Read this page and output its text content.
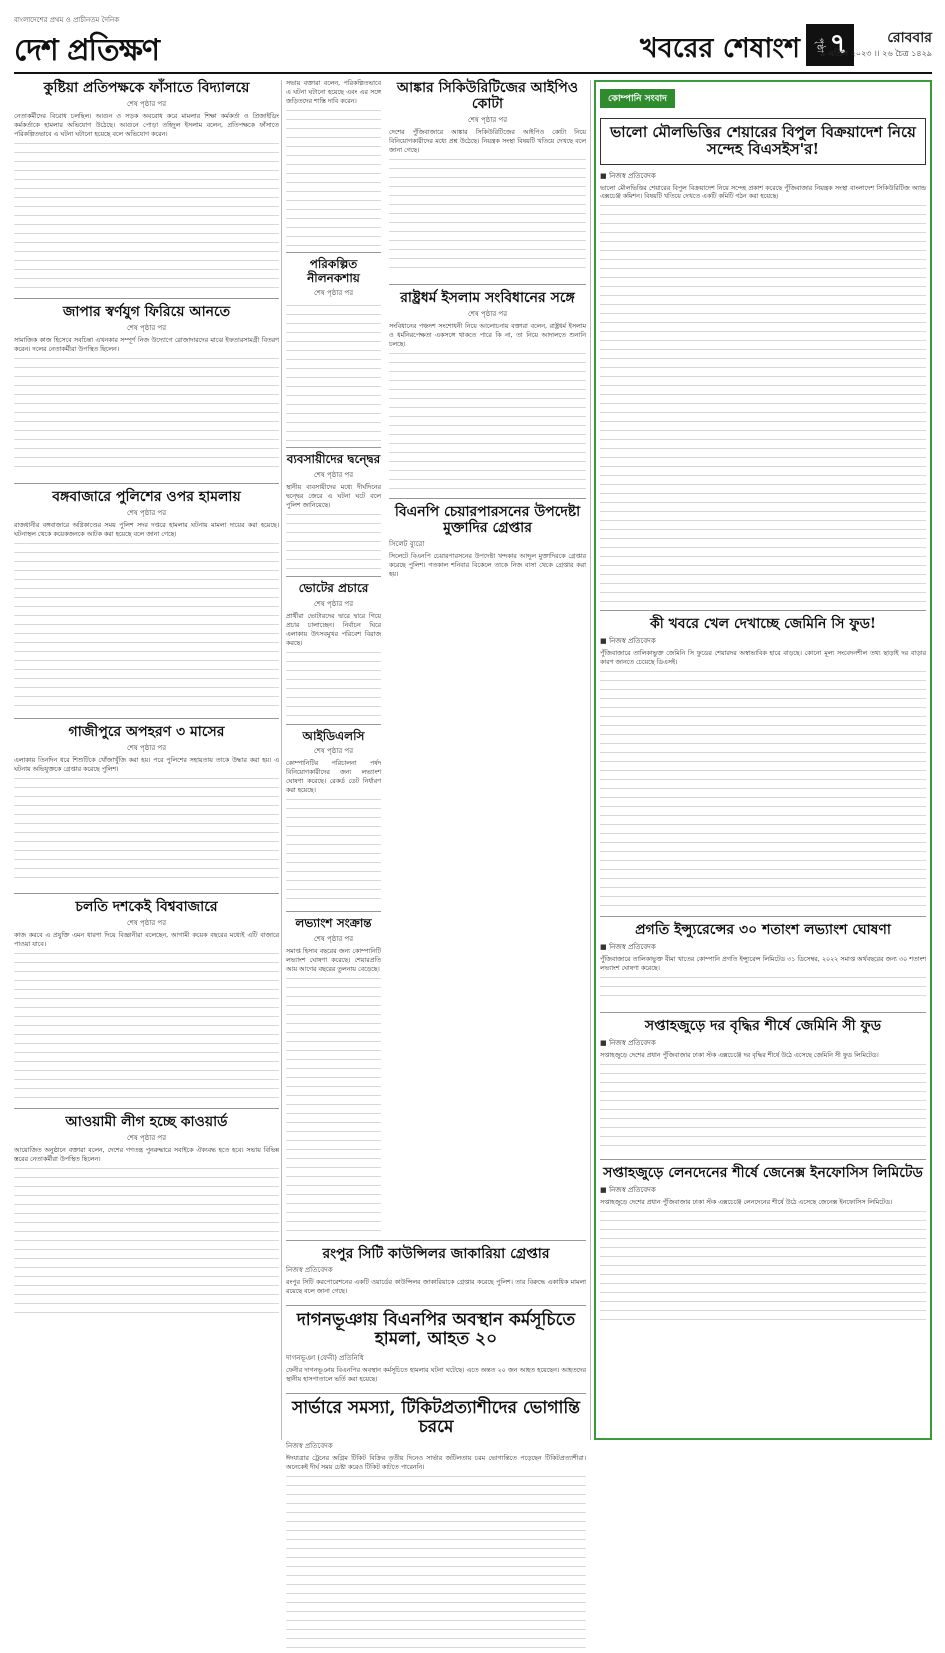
বাংলাদেশের প্রথম ও প্রাচীনতম দৈনিক
দেশ প্রতিক্ষণ	খবরের শেষাংশ পৃষ্ঠা ৭	রোববার
৯ এপ্রিল ২০২৩ ।। ২৬ চৈত্র ১৪২৯
কুষ্টিয়া প্রতিপক্ষকে ফাঁসাতে বিদ্যালয়ে
শেষ পৃষ্ঠার পর
নেতাকর্মীদের বিরোধ চলছিল। আগুন ও সড়ক অবরোধ করে মামলার শিক্ষা কর্মকর্তা ও প্রিজাইডিং কর্মকর্তাকে হামলার অভিযোগ উঠেছে। আগুনে পোড়া তহিদুল ইসলাম বলেন, প্রতিপক্ষকে ফাঁসাতে পরিকল্পিতভাবে এ ঘটনা ঘটানো হয়েছে বলে অভিযোগ করেন।
জাপার স্বর্ণযুগ ফিরিয়ে আনতে
শেষ পৃষ্ঠার পর
সামাজিক কাজ হিসেবে সবচিন্তা এখনকার সম্পূর্ণ নিজ উদ্যোগে রোজাদারদের মাঝে ইফতারসামগ্রী বিতরণ করেন। দলের নেতাকর্মীরা উপস্থিত ছিলেন।
বঙ্গবাজারে পুলিশের ওপর হামলায়
শেষ পৃষ্ঠার পর
রাজধানীর বঙ্গবাজারে অগ্নিকাণ্ডের সময় পুলিশ সদর দপ্তরে হামলার ঘটনায় মামলা দায়ের করা হয়েছে। ঘটনাস্থল থেকে কয়েকজনকে আটক করা হয়েছে বলে জানা গেছে।
গাজীপুরে অপহরণ ৩ মাসের
শেষ পৃষ্ঠার পর
এলাকায় তিনদিন ধরে শিশুটিকে খোঁজাখুঁজি করা হয়। পরে পুলিশের সহায়তায় তাকে উদ্ধার করা হয়। এ ঘটনায় অভিযুক্তকে গ্রেপ্তার করেছে পুলিশ।
চলতি দশকেই বিশ্ববাজারে
শেষ পৃষ্ঠার পর
কাজ করবে এ প্রযুক্তি এমন ধারণা দিয়ে বিজ্ঞানীরা বলেছেন, আগামী কয়েক বছরের মধ্যেই এটি বাজারে পাওয়া যাবে।
আওয়ামী লীগ হচ্ছে কাওয়ার্ড
শেষ পৃষ্ঠার পর
আয়োজিত অনুষ্ঠানে বক্তারা বলেন, দেশের গণতন্ত্র পুনরুদ্ধারে সবাইকে ঐক্যবদ্ধ হতে হবে। সভায় বিভিন্ন স্তরের নেতাকর্মীরা উপস্থিত ছিলেন।
সভায় বক্তারা বলেন, পরিকল্পিতভাবে এ ঘটনা ঘটানো হয়েছে এবং এর সঙ্গে জড়িতদের শাস্তি দাবি করেন।
পরিকল্পিত নীলনকশায়
শেষ পৃষ্ঠার পর
ব্যবসায়ীদের দ্বন্দ্বের
শেষ পৃষ্ঠার পর
স্থানীয় ব্যবসায়ীদের মধ্যে দীর্ঘদিনের দ্বন্দ্বের জেরে এ ঘটনা ঘটে বলে পুলিশ জানিয়েছে।
ভোটের প্রচারে
শেষ পৃষ্ঠার পর
প্রার্থীরা ভোটারদের দ্বারে দ্বারে গিয়ে প্রচার চালাচ্ছেন। নির্বাচন ঘিরে এলাকায় উৎসবমুখর পরিবেশ বিরাজ করছে।
আইডিএলসি
শেষ পৃষ্ঠার পর
কোম্পানিটির পরিচালনা পর্ষদ বিনিয়োগকারীদের জন্য লভ্যাংশ ঘোষণা করেছে। রেকর্ড ডেট নির্ধারণ করা হয়েছে।
লভ্যাংশ সংক্রান্ত
শেষ পৃষ্ঠার পর
সমাপ্ত হিসাব বছরের জন্য কোম্পানিটি লভ্যাংশ ঘোষণা করেছে। শেয়ারপ্রতি আয় আগের বছরের তুলনায় বেড়েছে।
আঙ্কার সিকিউরিটিজের আইপিও কোটা
শেষ পৃষ্ঠার পর
দেশের পুঁজিবাজারে আঙ্কার সিকিউরিটিজের আইপিও কোটা নিয়ে বিনিয়োগকারীদের মধ্যে প্রশ্ন উঠেছে। নিয়ন্ত্রক সংস্থা বিষয়টি খতিয়ে দেখছে বলে জানা গেছে।
রাষ্ট্রধর্ম ইসলাম সংবিধানের সঙ্গে
শেষ পৃষ্ঠার পর
সংবিধানের পঞ্চদশ সংশোধনী নিয়ে আলোচনায় বক্তারা বলেন, রাষ্ট্রধর্ম ইসলাম ও ধর্মনিরপেক্ষতা একসঙ্গে থাকতে পারে কি না, তা নিয়ে আদালতে শুনানি চলছে।
বিএনপি চেয়ারপারসনের উপদেষ্টা মুক্তাদির গ্রেপ্তার
সিলেট ব্যুরো
সিলেটে বিএনপি চেয়ারপারসনের উপদেষ্টা খন্দকার আব্দুল মুক্তাদিরকে গ্রেপ্তার করেছে পুলিশ। গতকাল শনিবার বিকেলে তাকে নিজ বাসা থেকে গ্রেপ্তার করা হয়।
রংপুর সিটি কাউন্সিলর জাকারিয়া গ্রেপ্তার
নিজস্ব প্রতিবেদক
রংপুর সিটি করপোরেশনের একটি ওয়ার্ডের কাউন্সিলর জাকারিয়াকে গ্রেপ্তার করেছে পুলিশ। তার বিরুদ্ধে একাধিক মামলা রয়েছে বলে জানা গেছে।
দাগনভূঞায় বিএনপির অবস্থান কর্মসূচিতে হামলা, আহত ২০
দাগনভূঞা (ফেনী) প্রতিনিধি
ফেনীর দাগনভূঞায় বিএনপির অবস্থান কর্মসূচিতে হামলার ঘটনা ঘটেছে। এতে অন্তত ২০ জন আহত হয়েছেন। আহতদের স্থানীয় হাসপাতালে ভর্তি করা হয়েছে।
সার্ভারে সমস্যা, টিকিটপ্রত্যাশীদের ভোগান্তি চরমে
নিজস্ব প্রতিবেদক
ঈদযাত্রার ট্রেনের অগ্রিম টিকিট বিক্রির তৃতীয় দিনেও সার্ভার জটিলতায় চরম ভোগান্তিতে পড়েছেন টিকিটপ্রত্যাশীরা। অনেকেই দীর্ঘ সময় চেষ্টা করেও টিকিট কাটতে পারেননি।
কোম্পানি সংবাদ
ভালো মৌলভিত্তির শেয়ারের বিপুল বিক্রয়াদেশ নিয়ে সন্দেহ বিএসইস'র!
■ নিজস্ব প্রতিবেদক
ভালো মৌলভিত্তির শেয়ারের বিপুল বিক্রয়াদেশ নিয়ে সন্দেহ প্রকাশ করেছে পুঁজিবাজার নিয়ন্ত্রক সংস্থা বাংলাদেশ সিকিউরিটিজ অ্যান্ড এক্সচেঞ্জ কমিশন। বিষয়টি খতিয়ে দেখতে একটি কমিটি গঠন করা হয়েছে।
কী খবরে খেল দেখাচ্ছে জেমিনি সি ফুড!
■ নিজস্ব প্রতিবেদক
পুঁজিবাজারে তালিকাভুক্ত জেমিনি সি ফুডের শেয়ারদর অস্বাভাবিক হারে বাড়ছে। কোনো মূল্য সংবেদনশীল তথ্য ছাড়াই দর বাড়ার কারণ জানতে চেয়েছে ডিএসই।
প্রগতি ইন্স্যুরেন্সের ৩০ শতাংশ লভ্যাংশ ঘোষণা
■ নিজস্ব প্রতিবেদক
পুঁজিবাজারে তালিকাভুক্ত বীমা খাতের কোম্পানি প্রগতি ইন্স্যুরেন্স লিমিটেড ৩১ ডিসেম্বর, ২০২২ সমাপ্ত অর্থবছরের জন্য ৩০ শতাংশ লভ্যাংশ ঘোষণা করেছে।
সপ্তাহজুড়ে দর বৃদ্ধির শীর্ষে জেমিনি সী ফুড
■ নিজস্ব প্রতিবেদক
সপ্তাহজুড়ে দেশের প্রধান পুঁজিবাজার ঢাকা স্টক এক্সচেঞ্জে দর বৃদ্ধির শীর্ষে উঠে এসেছে জেমিনি সী ফুড লিমিটেড।
সপ্তাহজুড়ে লেনদেনের শীর্ষে জেনেক্স ইনফোসিস লিমিটেড
■ নিজস্ব প্রতিবেদক
সপ্তাহজুড়ে দেশের প্রধান পুঁজিবাজার ঢাকা স্টক এক্সচেঞ্জে লেনদেনের শীর্ষে উঠে এসেছে জেনেক্স ইনফোসিস লিমিটেড।
